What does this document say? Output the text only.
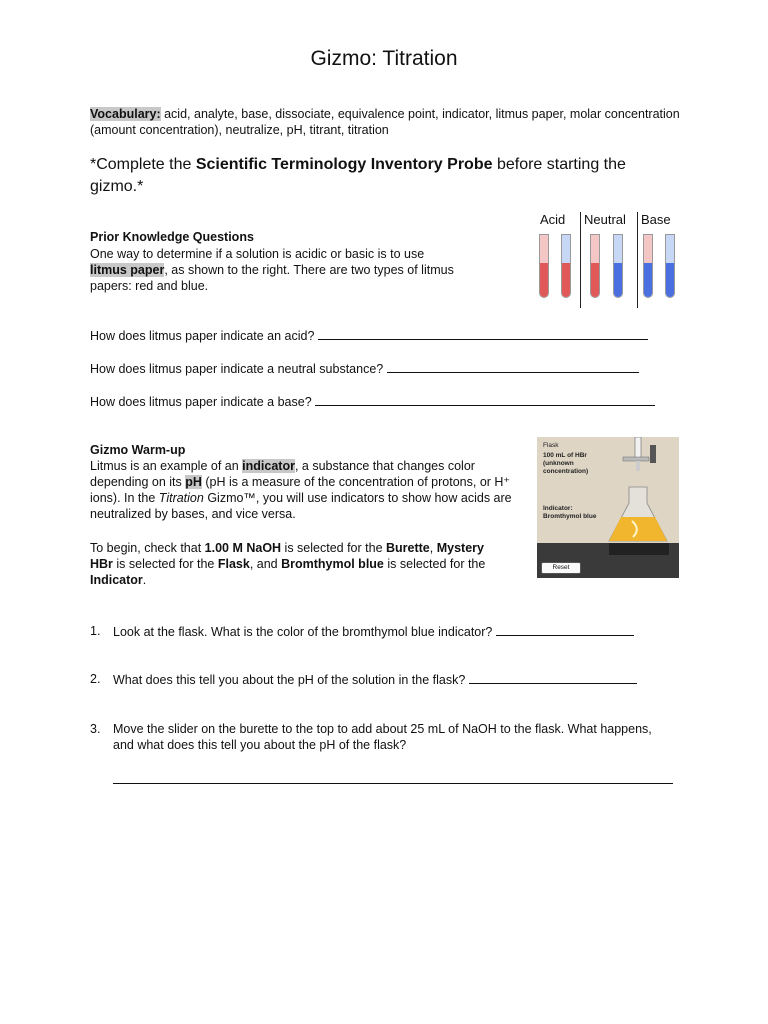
Gizmo: Titration
Vocabulary: acid, analyte, base, dissociate, equivalence point, indicator, litmus paper, molar concentration (amount concentration), neutralize, pH, titrant, titration
*Complete the Scientific Terminology Inventory Probe before starting the gizmo.*
Prior Knowledge Questions
One way to determine if a solution is acidic or basic is to use
litmus paper, as shown to the right. There are two types of litmus papers: red and blue.
Acid Neutral Base
How does litmus paper indicate an acid?
How does litmus paper indicate a neutral substance?
How does litmus paper indicate a base?
Gizmo Warm-up
Litmus is an example of an indicator, a substance that changes color depending on its pH (pH is a measure of the concentration of protons, or H⁺ ions). In the Titration Gizmo™, you will use indicators to show how acids are neutralized by bases, and vice versa.
To begin, check that 1.00 M NaOH is selected for the Burette, Mystery HBr is selected for the Flask, and Bromthymol blue is selected for the Indicator.
Flask
100 mL of HBr (unknown concentration)
Indicator:
Bromthymol blue
Reset
1. Look at the flask. What is the color of the bromthymol blue indicator?
2. What does this tell you about the pH of the solution in the flask?
3. Move the slider on the burette to the top to add about 25 mL of NaOH to the flask. What happens, and what does this tell you about the pH of the flask?
